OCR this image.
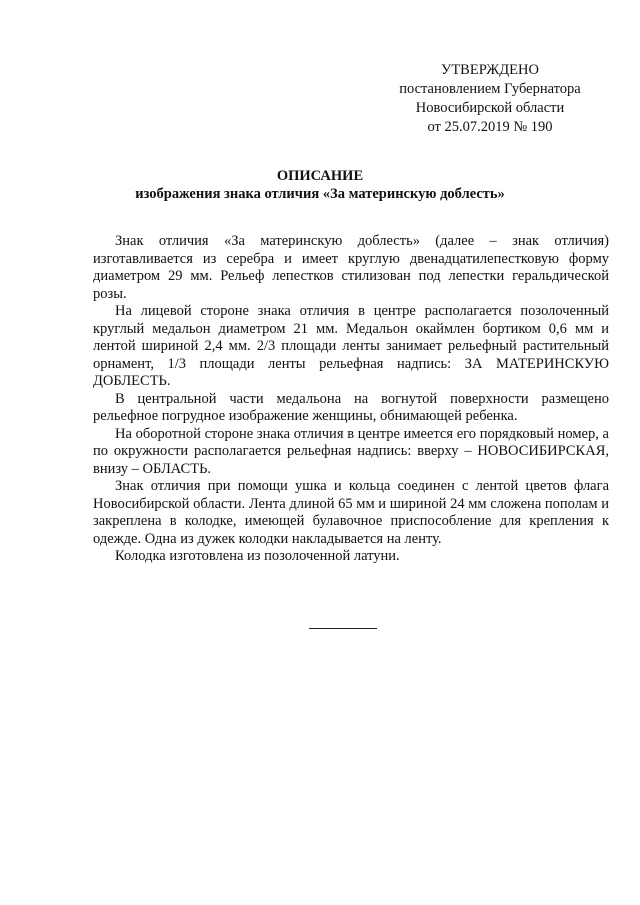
УТВЕРЖДЕНО
постановлением Губернатора
Новосибирской области
от 25.07.2019 № 190
ОПИСАНИЕ
изображения знака отличия «За материнскую доблесть»

Знак отличия «За материнскую доблесть» (далее – знак отличия) изготавливается из серебра и имеет круглую двенадцатилепестковую форму диаметром 29 мм. Рельеф лепестков стилизован под лепестки геральдической розы.

На лицевой стороне знака отличия в центре располагается позолоченный круглый медальон диаметром 21 мм. Медальон окаймлен бортиком 0,6 мм и лентой шириной 2,4 мм. 2/3 площади ленты занимает рельефный растительный орнамент, 1/3 площади ленты рельефная надпись: ЗА МАТЕРИНСКУЮ ДОБЛЕСТЬ.

В центральной части медальона на вогнутой поверхности размещено рельефное погрудное изображение женщины, обнимающей ребенка.

На оборотной стороне знака отличия в центре имеется его порядковый номер, а по окружности располагается рельефная надпись: вверху – НОВОСИБИРСКАЯ, внизу – ОБЛАСТЬ.

Знак отличия при помощи ушка и кольца соединен с лентой цветов флага Новосибирской области. Лента длиной 65 мм и шириной 24 мм сложена пополам и закреплена в колодке, имеющей булавочное приспособление для крепления к одежде. Одна из дужек колодки накладывается на ленту.

Колодка изготовлена из позолоченной латуни.
